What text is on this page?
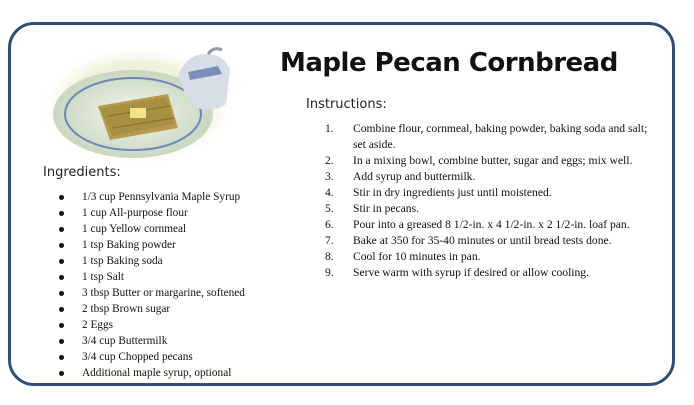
Maple Pecan Cornbread
Ingredients:
1/3 cup Pennsylvania Maple Syrup
1 cup All-purpose flour
1 cup Yellow cornmeal
1 tsp Baking powder
1 tsp Baking soda
1 tsp Salt
3 tbsp Butter or margarine, softened
2 tbsp Brown sugar
2 Eggs
3/4 cup Buttermilk
3/4 cup Chopped pecans
Additional maple syrup, optional
Instructions:
1. Combine flour, cornmeal, baking powder, baking soda and salt; set aside.
2. In a mixing bowl, combine butter, sugar and eggs; mix well.
3. Add syrup and buttermilk.
4. Stir in dry ingredients just until moistened.
5. Stir in pecans.
6. Pour into a greased 8 1/2-in. x 4 1/2-in. x 2 1/2-in. loaf pan.
7. Bake at 350 for 35-40 minutes or until bread tests done.
8. Cool for 10 minutes in pan.
9. Serve warm with syrup if desired or allow cooling.
